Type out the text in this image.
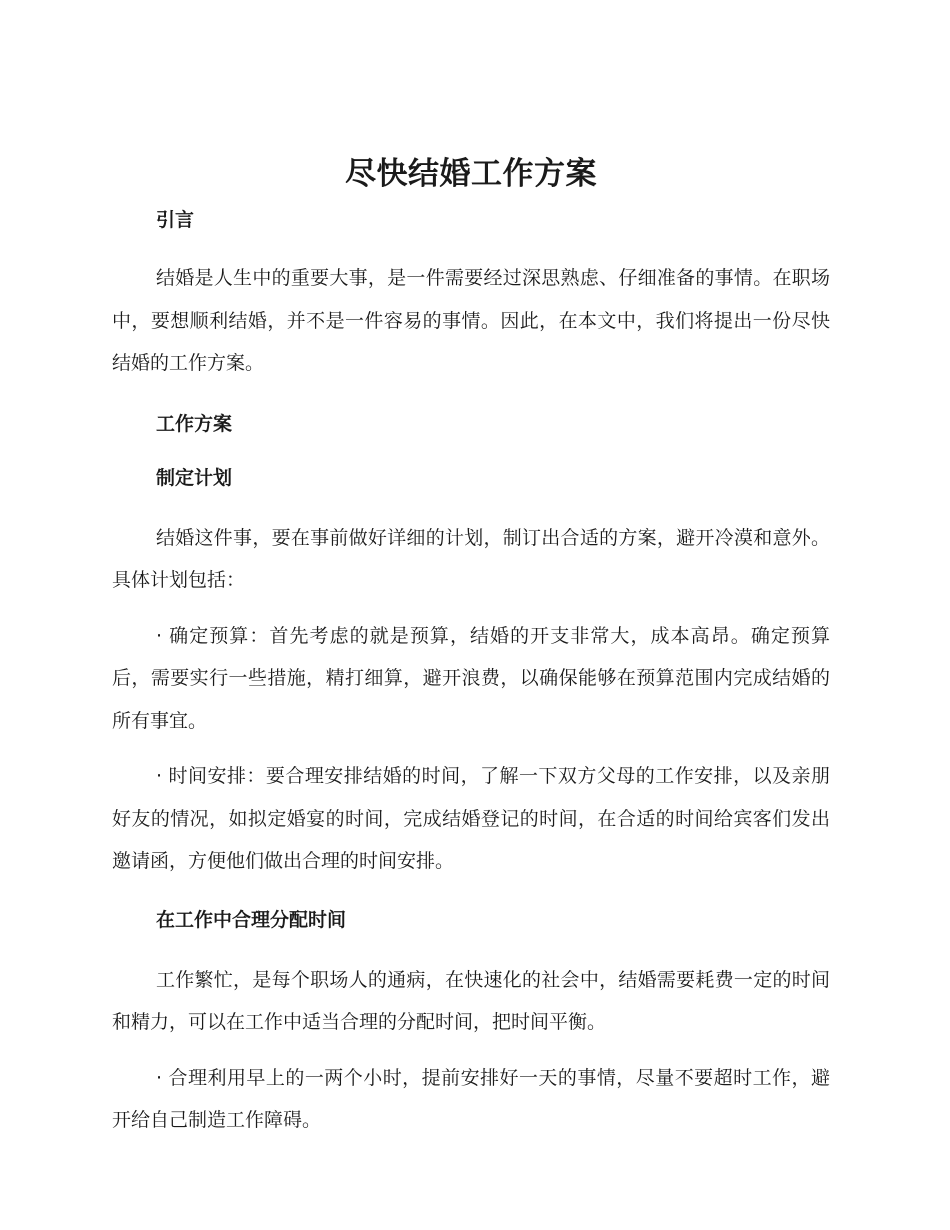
尽快结婚工作方案
引言

结婚是人生中的重要大事，是一件需要经过深思熟虑、仔细准备的事情。在职场中，要想顺利结婚，并不是一件容易的事情。因此，在本文中，我们将提出一份尽快结婚的工作方案。

工作方案
制定计划

结婚这件事，要在事前做好详细的计划，制订出合适的方案，避开冷漠和意外。具体计划包括：

· 确定预算：首先考虑的就是预算，结婚的开支非常大，成本高昂。确定预算后，需要实行一些措施，精打细算，避开浪费，以确保能够在预算范围内完成结婚的所有事宜。

· 时间安排：要合理安排结婚的时间，了解一下双方父母的工作安排，以及亲朋好友的情况，如拟定婚宴的时间，完成结婚登记的时间，在合适的时间给宾客们发出邀请函，方便他们做出合理的时间安排。

在工作中合理分配时间

工作繁忙，是每个职场人的通病，在快速化的社会中，结婚需要耗费一定的时间和精力，可以在工作中适当合理的分配时间，把时间平衡。

· 合理利用早上的一两个小时，提前安排好一天的事情，尽量不要超时工作，避开给自己制造工作障碍。
